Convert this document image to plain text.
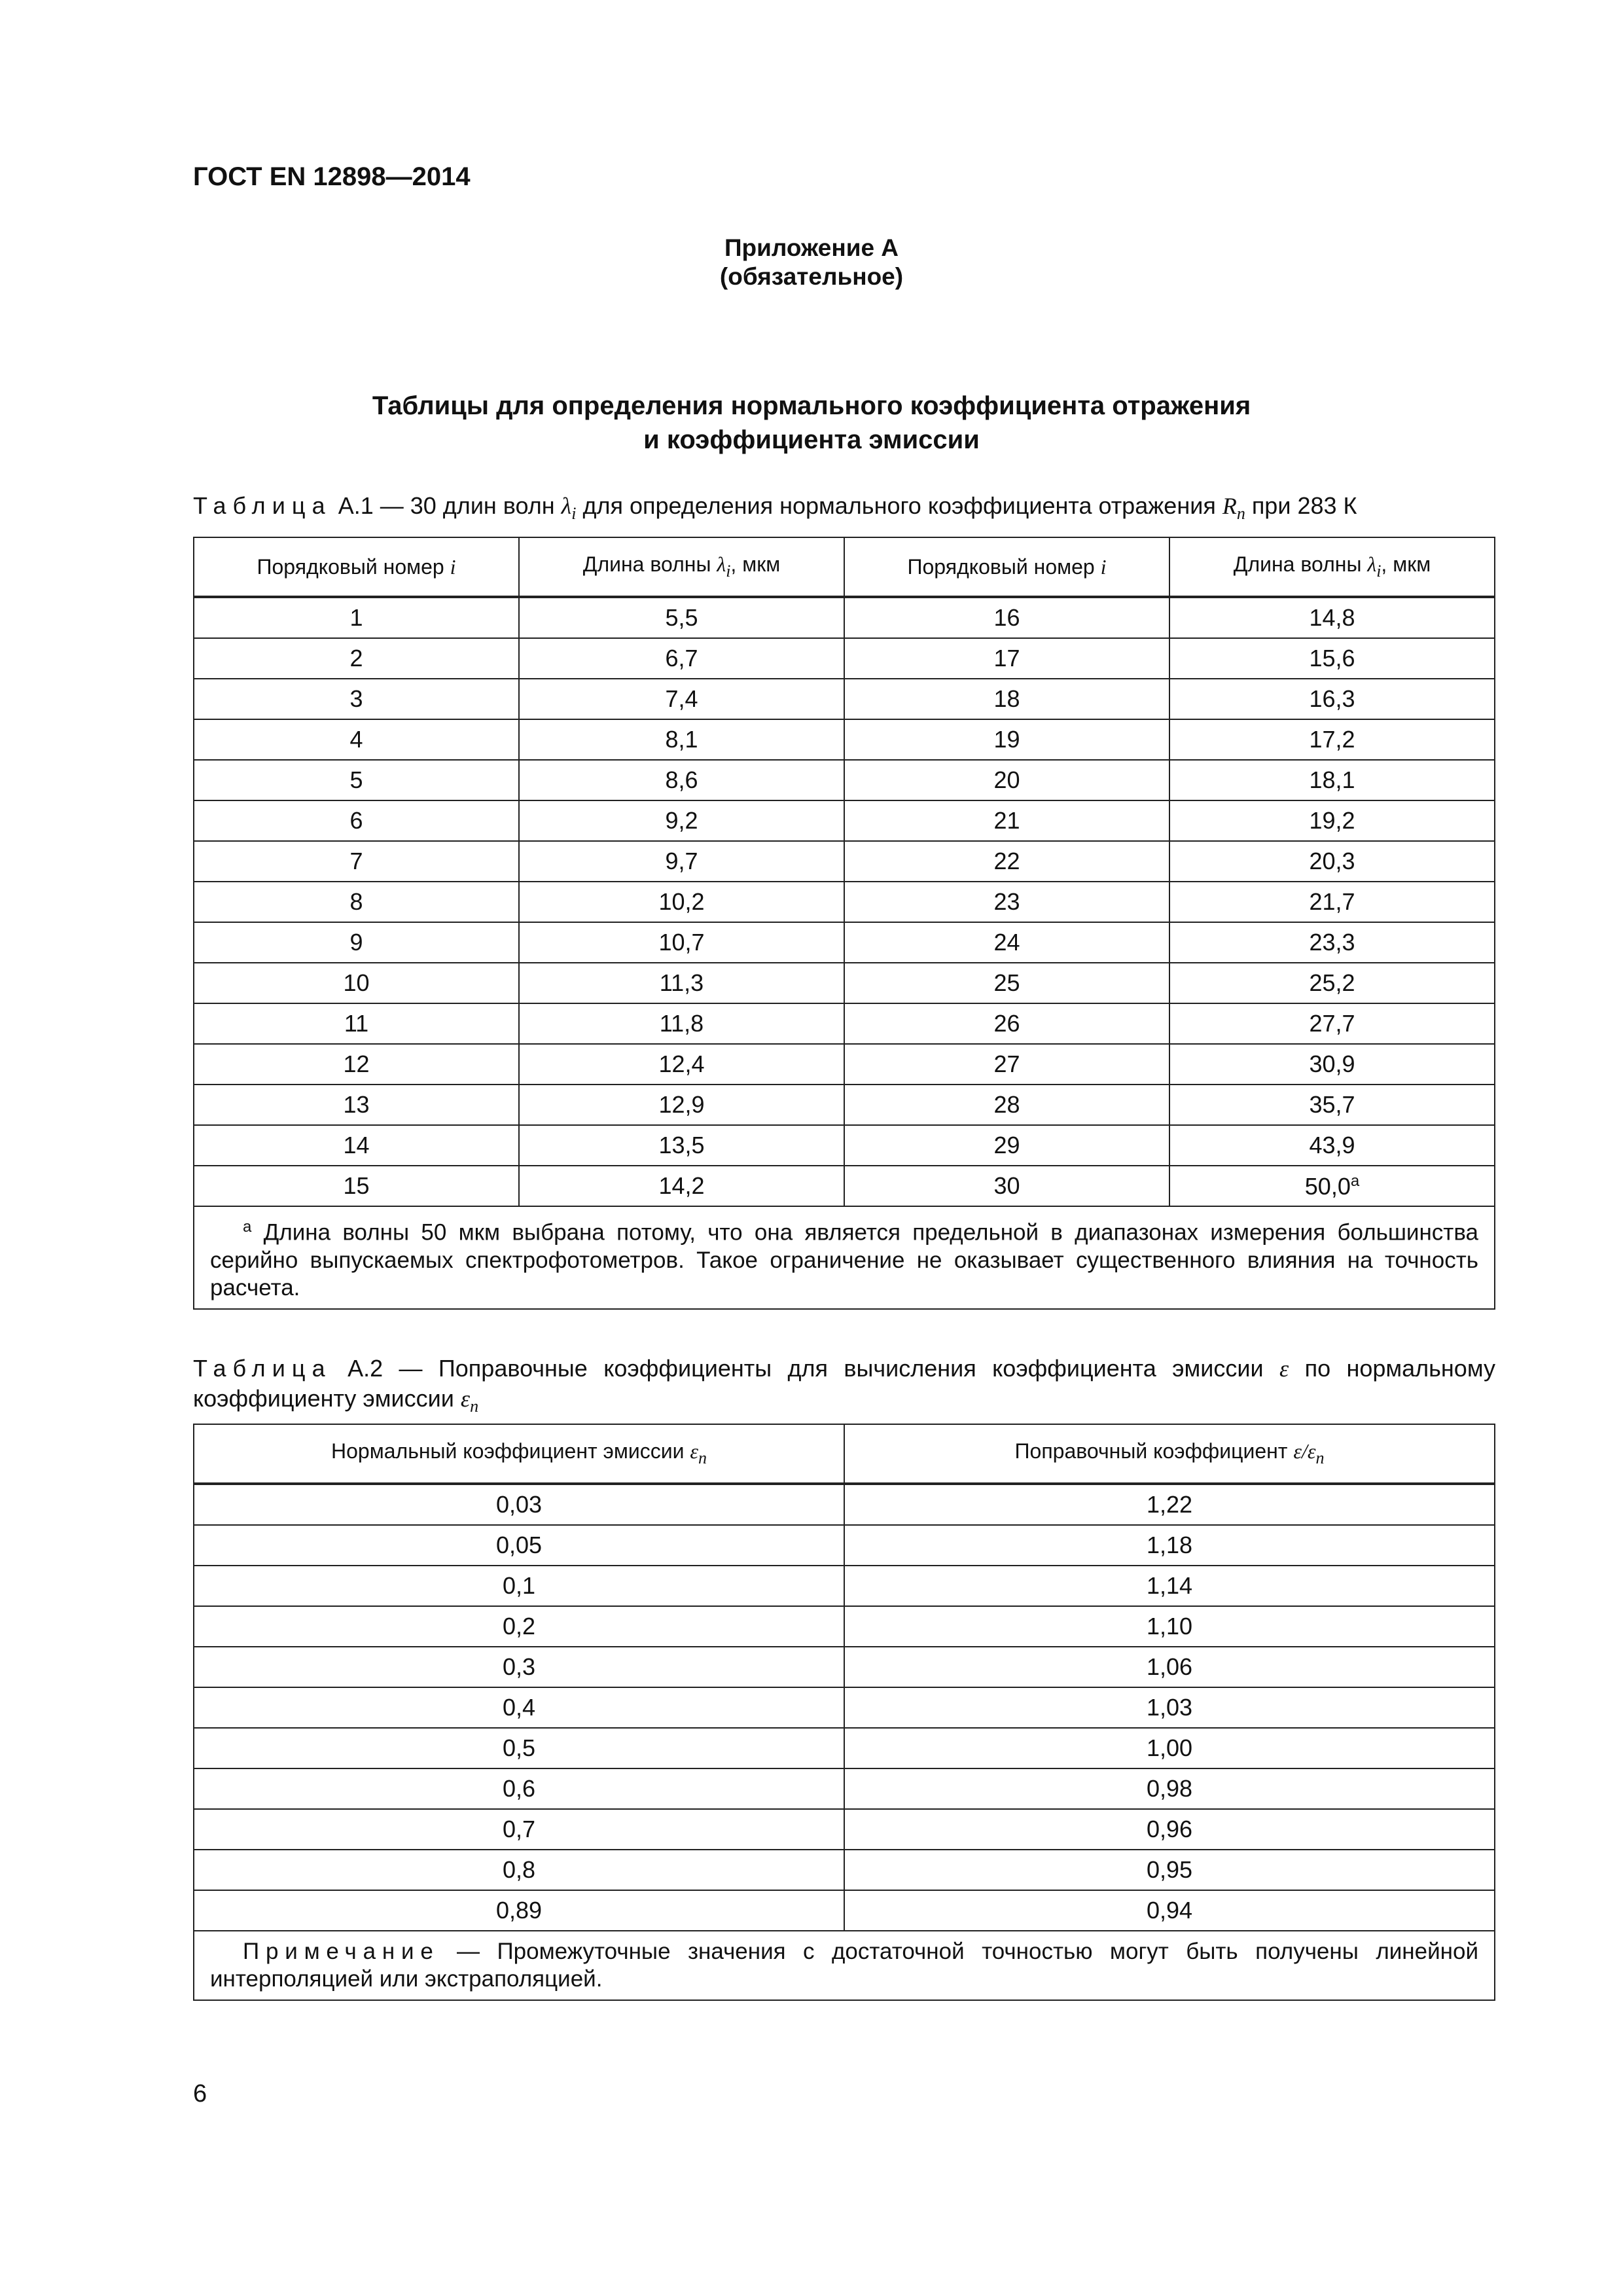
ГОСТ EN 12898—2014
Приложение А
(обязательное)
Таблицы для определения нормального коэффициента отражения
и коэффициента эмиссии
Таблица А.1 — 30 длин волн $\lambda_i$ для определения нормального коэффициента отражения $R_n$ при 283 К
Порядковый номер i	Длина волны $\lambda_i$, мкм	Порядковый номер i	Длина волны $\lambda_i$, мкм
1	5,5	16	14,8
2	6,7	17	15,6
3	7,4	18	16,3
4	8,1	19	17,2
5	8,6	20	18,1
6	9,2	21	19,2
7	9,7	22	20,3
8	10,2	23	21,7
9	10,7	24	23,3
10	11,3	25	25,2
11	11,8	26	27,7
12	12,4	27	30,9
13	12,9	28	35,7
14	13,5	29	43,9
15	14,2	30	50,0$^a$
$^a$ Длина волны 50 мкм выбрана потому, что она является предельной в диапазонах измерения большинства серийно выпускаемых спектрофотометров. Такое ограничение не оказывает существенного влияния на точность расчета.			
Таблица А.2 — Поправочные коэффициенты для вычисления коэффициента эмиссии ε по нормальному коэффициенту эмиссии $\varepsilon_n$
Нормальный коэффициент эмиссии $\varepsilon_n$	Поправочный коэффициент $\varepsilon/\varepsilon_n$
0,03	1,22
0,05	1,18
0,1	1,14
0,2	1,10
0,3	1,06
0,4	1,03
0,5	1,00
0,6	0,98
0,7	0,96
0,8	0,95
0,89	0,94
Примечание — Промежуточные значения с достаточной точностью могут быть получены линейной интерполяцией или экстраполяцией.	
6
